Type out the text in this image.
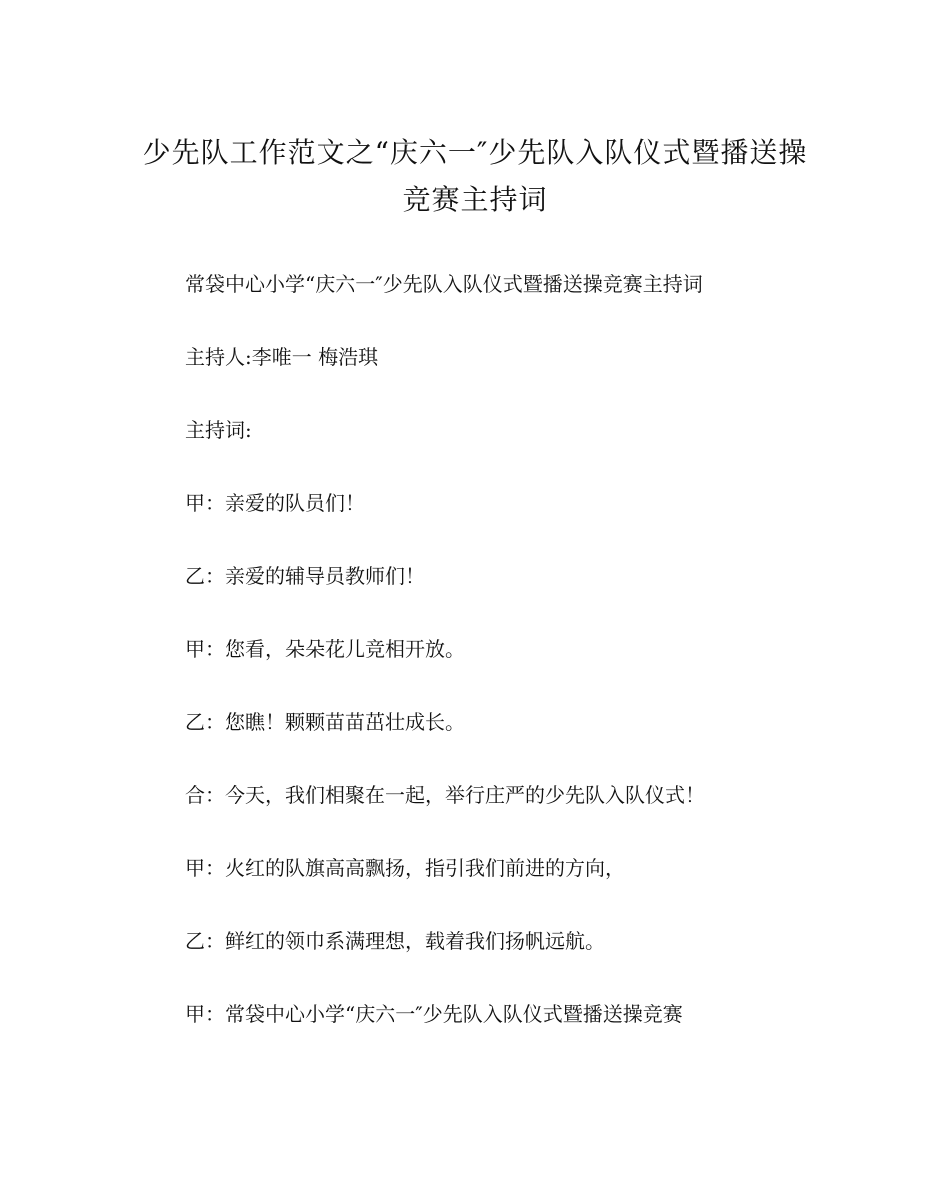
少先队工作范文之“庆六一″少先队入队仪式暨播送操
竞赛主持词

常袋中心小学“庆六一″少先队入队仪式暨播送操竞赛主持词

主持人:李唯一 梅浩琪

主持词:

甲：亲爱的队员们！

乙：亲爱的辅导员教师们！

甲：您看，朵朵花儿竞相开放。

乙：您瞧！颗颗苗苗茁壮成长。

合：今天，我们相聚在一起，举行庄严的少先队入队仪式！

甲：火红的队旗高高飘扬，指引我们前进的方向，

乙：鲜红的领巾系满理想，载着我们扬帆远航。

甲：常袋中心小学“庆六一″少先队入队仪式暨播送操竞赛
